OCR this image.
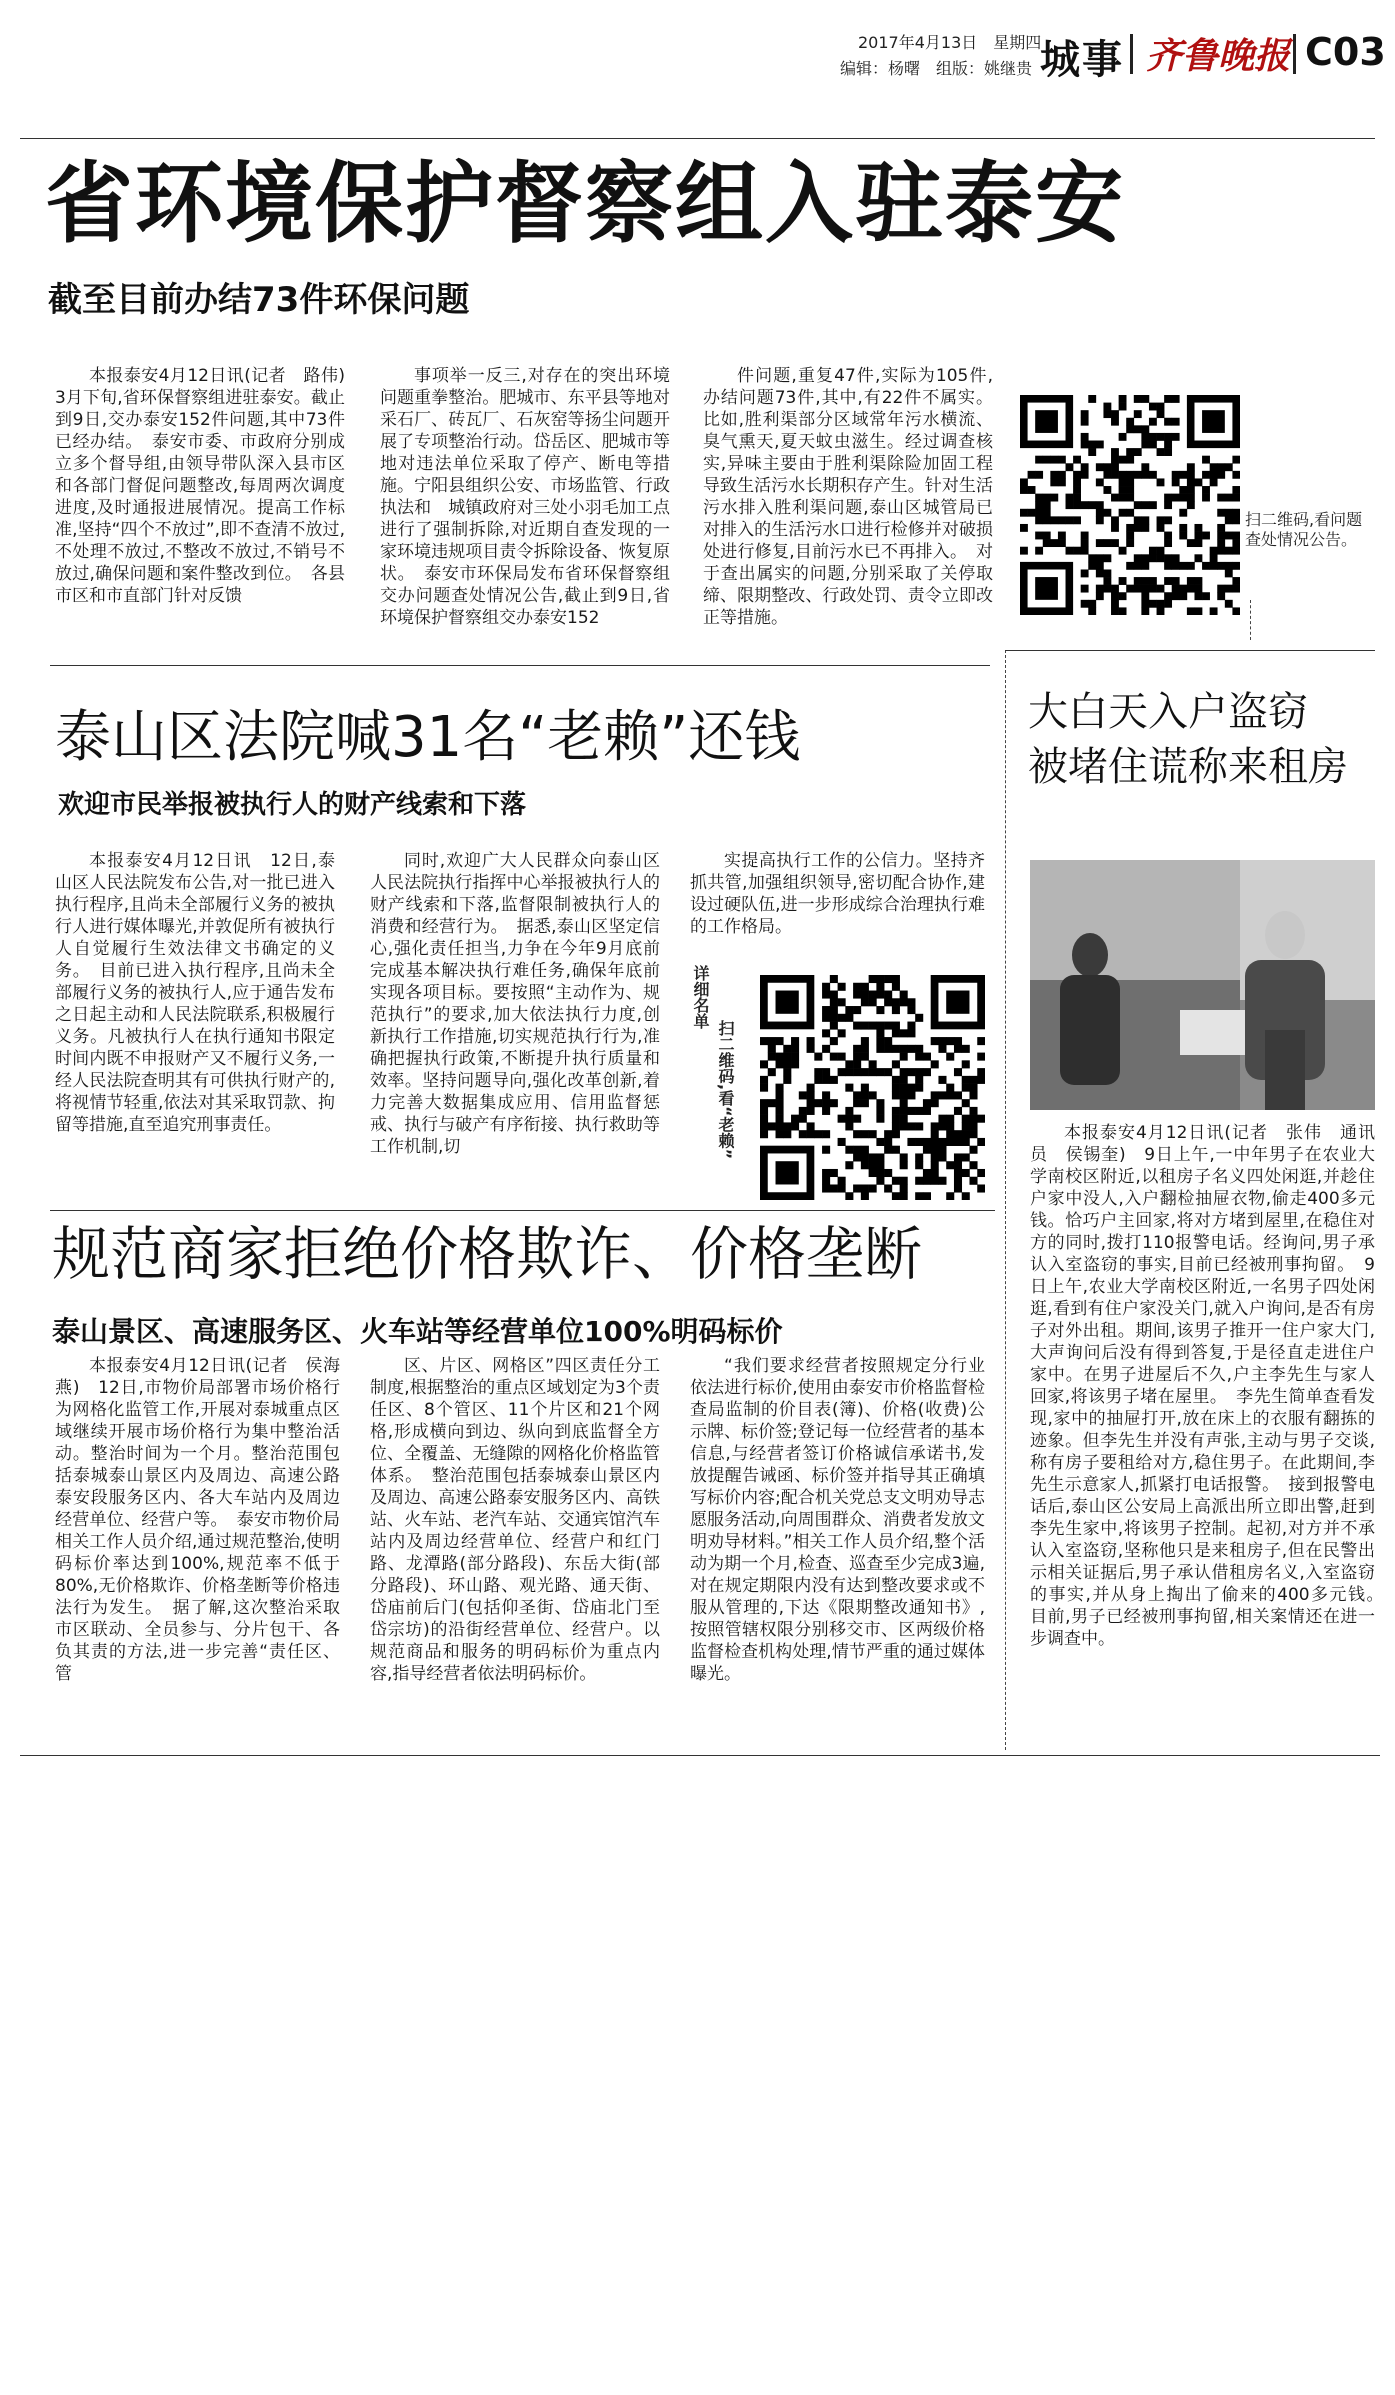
2017年4月13日　星期四
编辑：杨曙　组版：姚继贵 城事 齐鲁晚报 C03
省环境保护督察组入驻泰安
截至目前办结73件环保问题

本报泰安4月12日讯(记者　路伟)　3月下旬,省环保督察组进驻泰安。截止到9日,交办泰安152件问题,其中73件已经办结。　泰安市委、市政府分别成立多个督导组,由领导带队深入县市区和各部门督促问题整改,每周两次调度进度,及时通报进展情况。提高工作标准,坚持“四个不放过”,即不查清不放过,不处理不放过,不整改不放过,不销号不放过,确保问题和案件整改到位。　各县市区和市直部门针对反馈

事项举一反三,对存在的突出环境问题重拳整治。肥城市、东平县等地对采石厂、砖瓦厂、石灰窑等扬尘问题开展了专项整治行动。岱岳区、肥城市等地对违法单位采取了停产、断电等措施。宁阳县组织公安、市场监管、行政执法和　城镇政府对三处小羽毛加工点进行了强制拆除,对近期自查发现的一家环境违规项目责令拆除设备、恢复原状。　泰安市环保局发布省环保督察组交办问题查处情况公告,截止到9日,省环境保护督察组交办泰安152

件问题,重复47件,实际为105件,办结问题73件,其中,有22件不属实。比如,胜利渠部分区域常年污水横流、臭气熏天,夏天蚊虫滋生。经过调查核实,异味主要由于胜利渠除险加固工程导致生活污水长期积存产生。针对生活污水排入胜利渠问题,泰山区城管局已对排入的生活污水口进行检修并对破损处进行修复,目前污水已不再排入。　对于查出属实的问题,分别采取了关停取缔、限期整改、行政处罚、责令立即改正等措施。

扫二维码,看问题查处情况公告。
泰山区法院喊31名“老赖”还钱
欢迎市民举报被执行人的财产线索和下落

本报泰安4月12日讯　12日,泰山区人民法院发布公告,对一批已进入执行程序,且尚未全部履行义务的被执行人进行媒体曝光,并敦促所有被执行人自觉履行生效法律文书确定的义务。　目前已进入执行程序,且尚未全部履行义务的被执行人,应于通告发布之日起主动和人民法院联系,积极履行义务。凡被执行人在执行通知书限定时间内既不申报财产又不履行义务,一经人民法院查明其有可供执行财产的,将视情节轻重,依法对其采取罚款、拘留等措施,直至追究刑事责任。

同时,欢迎广大人民群众向泰山区人民法院执行指挥中心举报被执行人的财产线索和下落,监督限制被执行人的消费和经营行为。　据悉,泰山区坚定信心,强化责任担当,力争在今年9月底前完成基本解决执行难任务,确保年底前实现各项目标。要按照“主动作为、规范执行”的要求,加大依法执行力度,创新执行工作措施,切实规范执行行为,准确把握执行政策,不断提升执行质量和效率。坚持问题导向,强化改革创新,着力完善大数据集成应用、信用监督惩戒、执行与破产有序衔接、执行救助等工作机制,切

实提高执行工作的公信力。坚持齐抓共管,加强组织领导,密切配合协作,建设过硬队伍,进一步形成综合治理执行难的工作格局。

详细名单
扫二维码,看“老赖”
规范商家拒绝价格欺诈、价格垄断
泰山景区、高速服务区、火车站等经营单位100%明码标价

本报泰安4月12日讯(记者　侯海燕)　12日,市物价局部署市场价格行为网格化监管工作,开展对泰城重点区域继续开展市场价格行为集中整治活动。整治时间为一个月。整治范围包括泰城泰山景区内及周边、高速公路泰安段服务区内、各大车站内及周边经营单位、经营户等。　泰安市物价局相关工作人员介绍,通过规范整治,使明码标价率达到100%,规范率不低于80%,无价格欺诈、价格垄断等价格违法行为发生。　据了解,这次整治采取市区联动、全员参与、分片包干、各负其责的方法,进一步完善“责任区、管

区、片区、网格区”四区责任分工制度,根据整治的重点区域划定为3个责任区、8个管区、11个片区和21个网格,形成横向到边、纵向到底监督全方位、全覆盖、无缝隙的网格化价格监管体系。　整治范围包括泰城泰山景区内及周边、高速公路泰安服务区内、高铁站、火车站、老汽车站、交通宾馆汽车站内及周边经营单位、经营户和红门路、龙潭路(部分路段)、东岳大街(部分路段)、环山路、观光路、通天街、岱庙前后门(包括仰圣街、岱庙北门至岱宗坊)的沿街经营单位、经营户。以规范商品和服务的明码标价为重点内容,指导经营者依法明码标价。

“我们要求经营者按照规定分行业依法进行标价,使用由泰安市价格监督检查局监制的价目表(簿)、价格(收费)公示牌、标价签;登记每一位经营者的基本信息,与经营者签订价格诚信承诺书,发放提醒告诫函、标价签并指导其正确填写标价内容;配合机关党总支文明劝导志愿服务活动,向周围群众、消费者发放文明劝导材料。”相关工作人员介绍,整个活动为期一个月,检查、巡查至少完成3遍,对在规定期限内没有达到整改要求或不服从管理的,下达《限期整改通知书》,按照管辖权限分别移交市、区两级价格监督检查机构处理,情节严重的通过媒体曝光。

大白天入户盗窃
被堵住谎称来租房

本报泰安4月12日讯(记者　张伟　通讯员　侯锡奎)　9日上午,一中年男子在农业大学南校区附近,以租房子名义四处闲逛,并趁住户家中没人,入户翻检抽屉衣物,偷走400多元钱。恰巧户主回家,将对方堵到屋里,在稳住对方的同时,拨打110报警电话。经询问,男子承认入室盗窃的事实,目前已经被刑事拘留。　9日上午,农业大学南校区附近,一名男子四处闲逛,看到有住户家没关门,就入户询问,是否有房子对外出租。期间,该男子推开一住户家大门,大声询问后没有得到答复,于是径直走进住户家中。在男子进屋后不久,户主李先生与家人回家,将该男子堵在屋里。　李先生简单查看发现,家中的抽屉打开,放在床上的衣服有翻拣的迹象。但李先生并没有声张,主动与男子交谈,称有房子要租给对方,稳住男子。在此期间,李先生示意家人,抓紧打电话报警。　接到报警电话后,泰山区公安局上高派出所立即出警,赶到李先生家中,将该男子控制。起初,对方并不承认入室盗窃,坚称他只是来租房子,但在民警出示相关证据后,男子承认借租房名义,入室盗窃的事实,并从身上掏出了偷来的400多元钱。　目前,男子已经被刑事拘留,相关案情还在进一步调查中。
